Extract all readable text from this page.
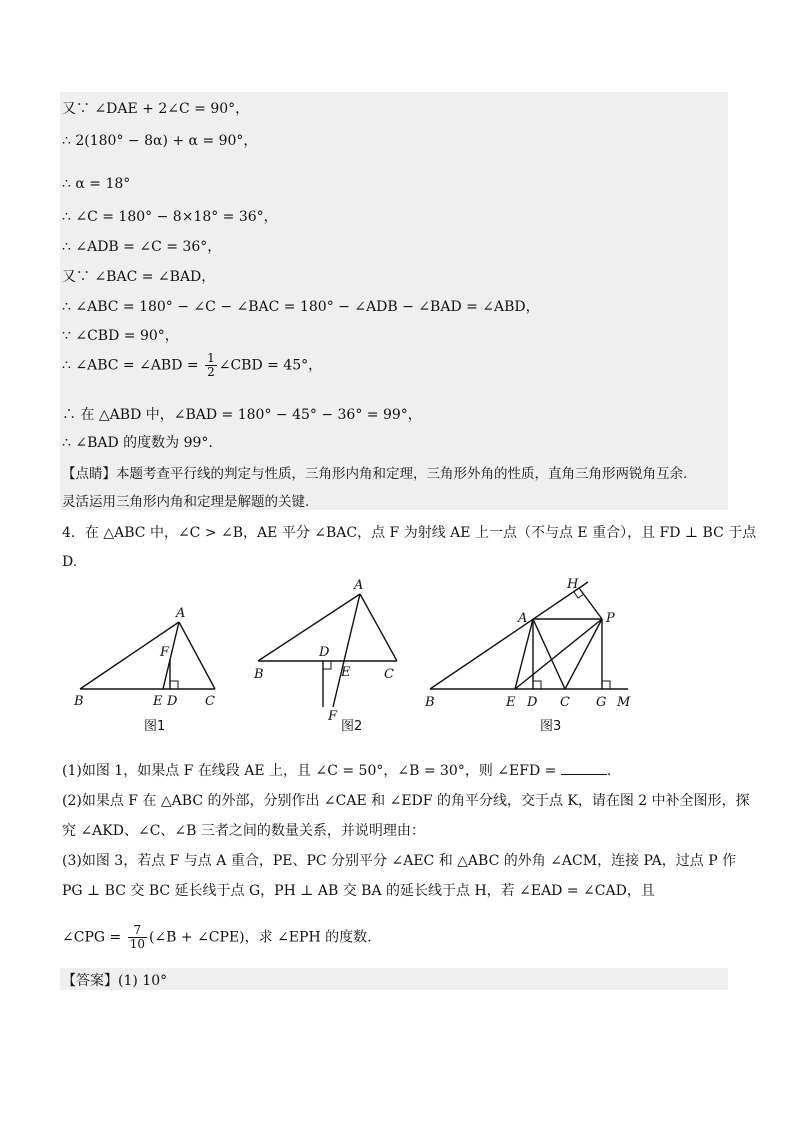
又∵ ∠DAE + 2∠C = 90°，
∴ 2(180° − 8α) + α = 90°，
∴ α = 18°
∴ ∠C = 180° − 8×18° = 36°，
∴ ∠ADB = ∠C = 36°，
又∵ ∠BAC = ∠BAD，
∴ ∠ABC = 180° − ∠C − ∠BAC = 180° − ∠ADB − ∠BAD = ∠ABD，
∵ ∠CBD = 90°，
∴ ∠ABC = ∠ABD = $\frac{1}{2}$ ∠CBD = 45°，
∴ 在 △ABD 中，∠BAD = 180° − 45° − 36° = 99°，
∴ ∠BAD 的度数为 99°.
【点睛】本题考查平行线的判定与性质，三角形内角和定理，三角形外角的性质，直角三角形两锐角互余.
灵活运用三角形内角和定理是解题的关键.
4．在 △ABC 中，∠C > ∠B，AE 平分 ∠BAC，点 F 为射线 AE 上一点（不与点 E 重合），且 FD ⊥ BC 于点
D.
A
B	C
D
E
F
图1
A
B	C
D
E
F
图2
A
B	C
D
E	G
H
M
P
图3
(1)如图 1，如果点 F 在线段 AE 上，且 ∠C = 50°，∠B = 30°，则 ∠EFD =	.
(2)如果点 F 在 △ABC 的外部，分别作出 ∠CAE 和 ∠EDF 的角平分线，交于点 K，请在图 2 中补全图形，探
究 ∠AKD、∠C、∠B 三者之间的数量关系，并说明理由：
(3)如图 3，若点 F 与点 A 重合，PE、PC 分别平分 ∠AEC 和 △ABC 的外角 ∠ACM，连接 PA，过点 P 作
PG ⊥ BC 交 BC 延长线于点 G，PH ⊥ AB 交 BA 的延长线于点 H，若 ∠EAD = ∠CAD，且
∠CPG = $\frac{7}{10}$ (∠B + ∠CPE)，求 ∠EPH 的度数.
【答案】(1) 10°
